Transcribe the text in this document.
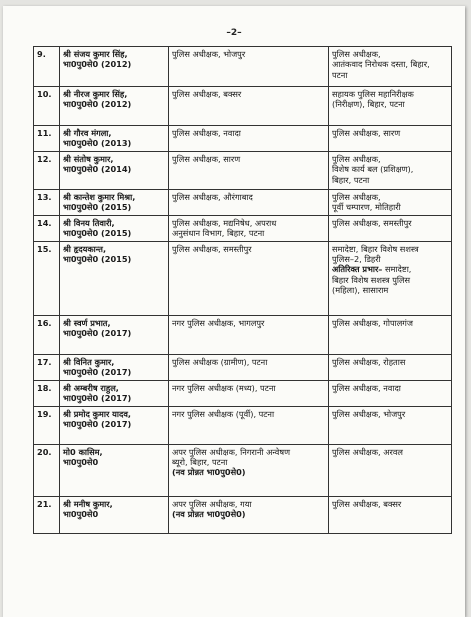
–2–
9.	श्री संजय कुमार सिंह,
भा0पु0से0 (2012)	पुलिस अधीक्षक, भोजपुर	पुलिस अधीक्षक,
आतंकवाद निरोधक दस्ता, बिहार,
पटना

10.	श्री नीरज कुमार सिंह,
भा0पु0से0 (2012)	पुलिस अधीक्षक, बक्सर	सहायक पुलिस महानिरीक्षक
(निरीक्षण), बिहार, पटना

11.	श्री गौरव मंगला,
भा0पु0से0 (2013)	पुलिस अधीक्षक, नवादा	पुलिस अधीक्षक, सारण

12.	श्री संतोष कुमार,
भा0पु0से0 (2014)	पुलिस अधीक्षक, सारण	पुलिस अधीक्षक,
विशेष कार्य बल (प्रशिक्षण),
बिहार, पटना

13.	श्री कान्तेश कुमार मिश्रा,
भा0पु0से0 (2015)	पुलिस अधीक्षक, औरंगाबाद	पुलिस अधीक्षक,
पूर्वी चम्पारण, मोतिहारी

14.	श्री विनय तिवारी,
भा0पु0से0 (2015)	पुलिस अधीक्षक, मद्यनिषेध, अपराध
अनुसंधान विभाग, बिहार, पटना	पुलिस अधीक्षक, समस्तीपुर

15.	श्री हृदयकान्त,
भा0पु0से0 (2015)	पुलिस अधीक्षक, समस्तीपुर	समादेष्टा, बिहार विशेष सशस्त्र
पुलिस–2, डिहरी
अतिरिक्त प्रभार– समादेष्टा,
बिहार विशेष सशस्त्र पुलिस
(महिला), सासाराम

16.	श्री स्वर्ण प्रभात,
भा0पु0से0 (2017)	नगर पुलिस अधीक्षक, भागलपुर	पुलिस अधीक्षक, गोपालगंज

17.	श्री विनित कुमार,
भा0पु0से0 (2017)	पुलिस अधीक्षक (ग्रामीण), पटना	पुलिस अधीक्षक, रोहतास

18.	श्री अम्बरीष राहुल,
भा0पु0से0 (2017)	नगर पुलिस अधीक्षक (मध्य), पटना	पुलिस अधीक्षक, नवादा

19.	श्री प्रमोद कुमार यादव,
भा0पु0से0 (2017)	नगर पुलिस अधीक्षक (पूर्वी), पटना	पुलिस अधीक्षक, भोजपुर

20.	मो0 कासिम,
भा0पु0से0	अपर पुलिस अधीक्षक, निगरानी अन्वेषण
ब्यूरो, बिहार, पटना
(नव प्रोन्नत भा0पु0से0)	पुलिस अधीक्षक, अरवल

21.	श्री मनीष कुमार,
भा0पु0से0	अपर पुलिस अधीक्षक, गया
(नव प्रोन्नत भा0पु0से0)	पुलिस अधीक्षक, बक्सर
